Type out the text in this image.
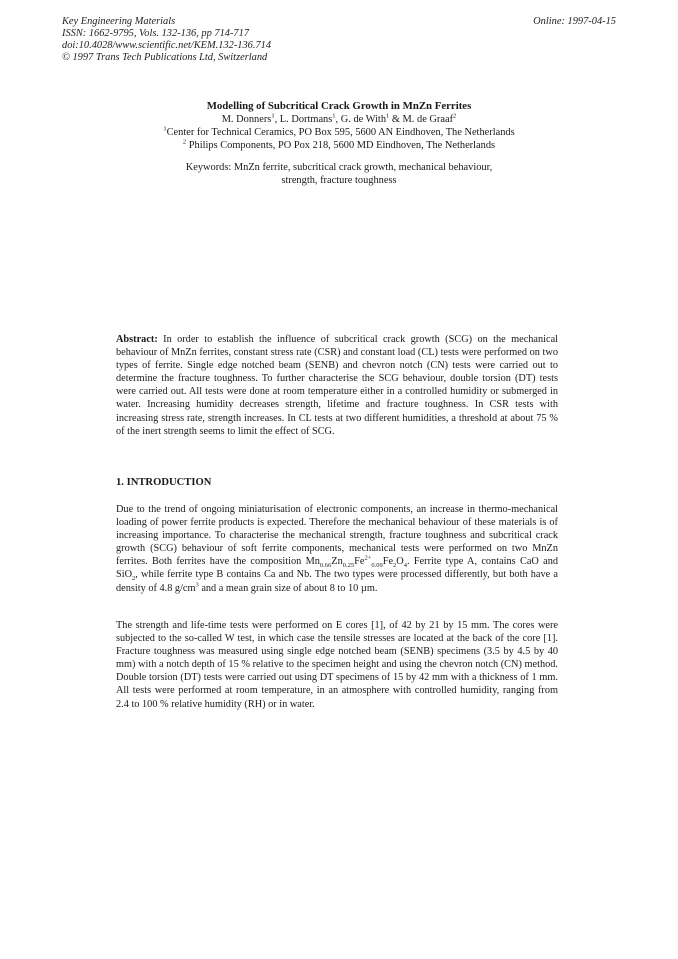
Key Engineering Materials
ISSN: 1662-9795, Vols. 132-136, pp 714-717
doi:10.4028/www.scientific.net/KEM.132-136.714
© 1997 Trans Tech Publications Ltd, Switzerland
Online: 1997-04-15
Modelling of Subcritical Crack Growth in MnZn Ferrites
M. Donners$^1$, L. Dortmans$^1$, G. de With$^1$ & M. de Graaf$^2$
$^1$Center for Technical Ceramics, PO Box 595, 5600 AN Eindhoven, The Netherlands
$^2$ Philips Components, PO Pox 218, 5600 MD Eindhoven, The Netherlands
Keywords: MnZn ferrite, subcritical crack growth, mechanical behaviour,
strength, fracture toughness
Abstract: In order to establish the influence of subcritical crack growth (SCG) on the mechanical behaviour of MnZn ferrites, constant stress rate (CSR) and constant load (CL) tests were performed on two types of ferrite. Single edge notched beam (SENB) and chevron notch (CN) tests were carried out to determine the fracture toughness. To further characterise the SCG behaviour, double torsion (DT) tests were carried out. All tests were done at room temperature either in a controlled humidity or submerged in water. Increasing humidity decreases strength, lifetime and fracture toughness. In CSR tests with increasing stress rate, strength increases. In CL tests at two different humidities, a threshold at about 75 % of the inert strength seems to limit the effect of SCG.
1. INTRODUCTION
Due to the trend of ongoing miniaturisation of electronic components, an increase in thermo-mechanical loading of power ferrite products is expected. Therefore the mechanical behaviour of these materials is of increasing importance. To characterise the mechanical strength, fracture toughness and subcritical crack growth (SCG) behaviour of soft ferrite components, mechanical tests were performed on two MnZn ferrites. Both ferrites have the composition $Mn_{0.66}Zn_{0.25}Fe^{2+}_{0.09}Fe_2O_4$. Ferrite type A, contains CaO and SiO$_2$, while ferrite type B contains Ca and Nb. The two types were processed differently, but both have a density of 4.8 $g/cm^3$ and a mean grain size of about 8 to 10 µm.
The strength and life-time tests were performed on E cores [1], of 42 by 21 by 15 mm. The cores were subjected to the so-called W test, in which case the tensile stresses are located at the back of the core [1]. Fracture toughness was measured using single edge notched beam (SENB) specimens (3.5 by 4.5 by 40 mm) with a notch depth of 15 % relative to the specimen height and using the chevron notch (CN) method. Double torsion (DT) tests were carried out using DT specimens of 15 by 42 mm with a thickness of 1 mm. All tests were performed at room temperature, in an atmosphere with controlled humidity, ranging from 2.4 to 100 % relative humidity (RH) or in water.
